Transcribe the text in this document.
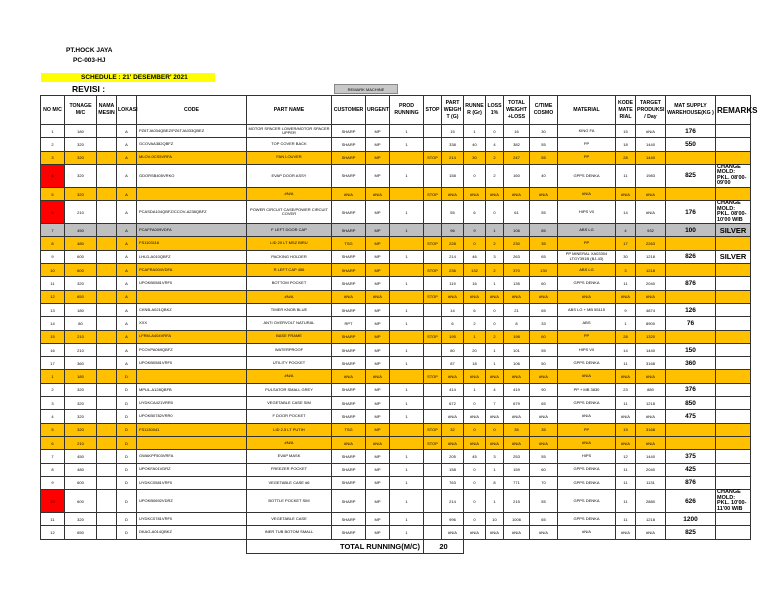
PT.HOCK JAYA
PC-003-HJ
SCHEDULE : 21' DESEMBER' 2021
REVISI :	REMARK MACHINE
NO M/C	TONAGE M/C	NAMA MESIN	LOKASI	CODE	PART NAME	CUSTOMER	URGENT	PROD RUNNING	STOP	PART WEIGH T (G)	RUNNE R (Gr)	LOSS 1%	TOTAL WEIGHT +LOSS	C/TIME COSMO	MATERIAL	KODE MATE RIAL	TARGET PRODUKSI / Day	MAT SUPPLY WAREHOUSE(KG )	REMARKS
1	180		A	PZ6TJA034QBEZ/PZ6TJA033QBEZ	MOTOR SPACER LOWER/MOTOR SPACER UPPER	SHARP	MP	1		15	1	0	16	30	KING FA	15	#N/A	176	
2	320		A	GCOVAA382QBFZ	TOP COVER BACK	SHARP	MP	1		338	40	4	382	55	PP	18	1440	550	
3	320		A	MLOV-0CS5VRFA	FAN LOUVER	SHARP	MP		STOP	214	30	2	247	55	PP	28	1440		
4	320		A	GDORSB405VRKO	EVAP DOOR ASSY	SHARP	MP	1		158	0	2	160	40	GPPS DENKA	11	1983	825	CHANGE MOLD: PKL. 08'00-09'00
5	320		A		#N/A	#N/A	#N/A		STOP	#N/A	#N/A	#N/A	#N/A	#N/A	#N/A	#N/A	#N/A		
6	210		A	PCASDA104QBFZ/CCOV-A238QBFZ	POWER CIRCUIT CASE/POWER CIRCUIT COVER	SHARP	MP	1		55	6	0	61	55	HIPS V0	14	#N/A	176	CHANGE MOLD: PKL. 08'00-10'00 WIB
7	450		A	PCAFFA009VDFA	F LEFT DOOR CAP	SHARP	MP	1		96	9	1	106	85	ABS LG	4	932	100	SILVER
8	480		A	FS1103116	LID 20 LT MSZ BIRU	TSG	MP		STOP	228	0	2	230	35	PP	17	2263		
9	600		A	LHLD-A010QBFZ	PACKING HOLDER	SHARP	MP	1		214	46	3	263	65	PP MINERAL XA03304 LTGY391B (BJ-43)	30	1218	826	SILVER
10	600		A	PCAFRA004VDFA	R LEFT CAP 456	SHARP	MP		STOP	236	132	2	370	130	ABS LG	3	1218		
11	320		A	UPOKB0581VRF0	BOTTOM POCKET	SHARP	MP	1		119	16	1	135	60	GPPS DENKA	11	2040	876	
12	650		A		#N/A	#N/A	#N/A		STOP	#N/A	#N/A	#N/A	#N/A	#N/A	#N/A	#N/A	#N/A		
13	180		A	CKNB-A021QBKZ	TIMER KNOB BLUE	SHARP	MP	1		14	6	0	21	65	ABS LG + MB 55115	9	4874	126	
14	80		A	XXX	ANTI OVERVOLT NATURAL	RPT	MP	1		6	2	0	8	33	ABS	1	8900	76	
15	210		A	LFRM-A404VRFA	BASE FRAME	SHARP	MP		STOP	195	1	2	198	60	PP	28	1320		
16	210		A	PCOVPA069QBFZ	WATERPROOF	SHARP	MP	1		80	20	1	101	55	HIPS V0	14	1440	150	
17	360		A	UPOKB0581VRF0	UTILITY POCKET	SHARP	MP	1		87	18	1	106	50	GPPS DENKA	11	3168	360	
1	180		D		#N/A	#N/A	#N/A		STOP	#N/A	#N/A	#N/A	#N/A	#N/A	#N/A	#N/A	#N/A		
2	320		D	MPUL-A128QBFB	PULSATOR SMALL GREY	SHARP	MP	1		414	1	4	419	90	PP + MB 3830	23	880	376	
3	320		D	UYDKCA421VRR0	VEGETABLE CASE SIM	SHARP	MP	1		672	0	7	679	65	GPPS DENKA	11	1218	850	
4	320		D	UPOKB0782VRR0	F DOOR POCKET	SHARP	MP	1		#N/A	#N/A	#N/A	#N/A	#N/A	#N/A	#N/A	#N/A	475	
5	320		D	FS1130041	LID 2.5 LT PUTIH	TSG	MP		STOP	32	0	0	35	35	PP	19	3168		
6	210		D		#N/A	#N/A	#N/A		STOP	#N/A	#N/A	#N/A	#N/A	#N/A	#N/A	#N/A	#N/A		
7	450		D	GWAKPF503VRFA	EVAP MASK	SHARP	MP	1		205	45	3	253	55	HIPS	12	1440	375	
8	480		D	UPOKFA01VDRZ	FREEZER POCKET	SHARP	MP	1		158	0	1	159	60	GPPS DENKA	11	2040	425	
9	600		D	UYDKC0581VRF0	VEGETABLE CASE #6	SHARP	MP	1		763	0	8	771	70	GPPS DENKA	11	1131	876	
10	600		D	UPOKB0692VDRZ	BOTTLE POCKET SIM	SHARP	MP	1		214	0	1	215	55	GPPS DENKA	11	2880	626	CHANGE MOLD: PKL. 10'00-11'00 WIB
11	320		D	UYDKC0781VRF0	VEGETABLE CASE	SHARP	MP	1		996	0	10	1006	65	GPPS DENKA	11	1218	1200	
12	650		D	DKAG-A014QBKZ	INER TUB BOTOM SMALL	SHARP	MP	1		#N/A	#N/A	#N/A	#N/A	#N/A	#N/A	#N/A	#N/A	825	
					TOTAL RUNNING(M/C)				20										
